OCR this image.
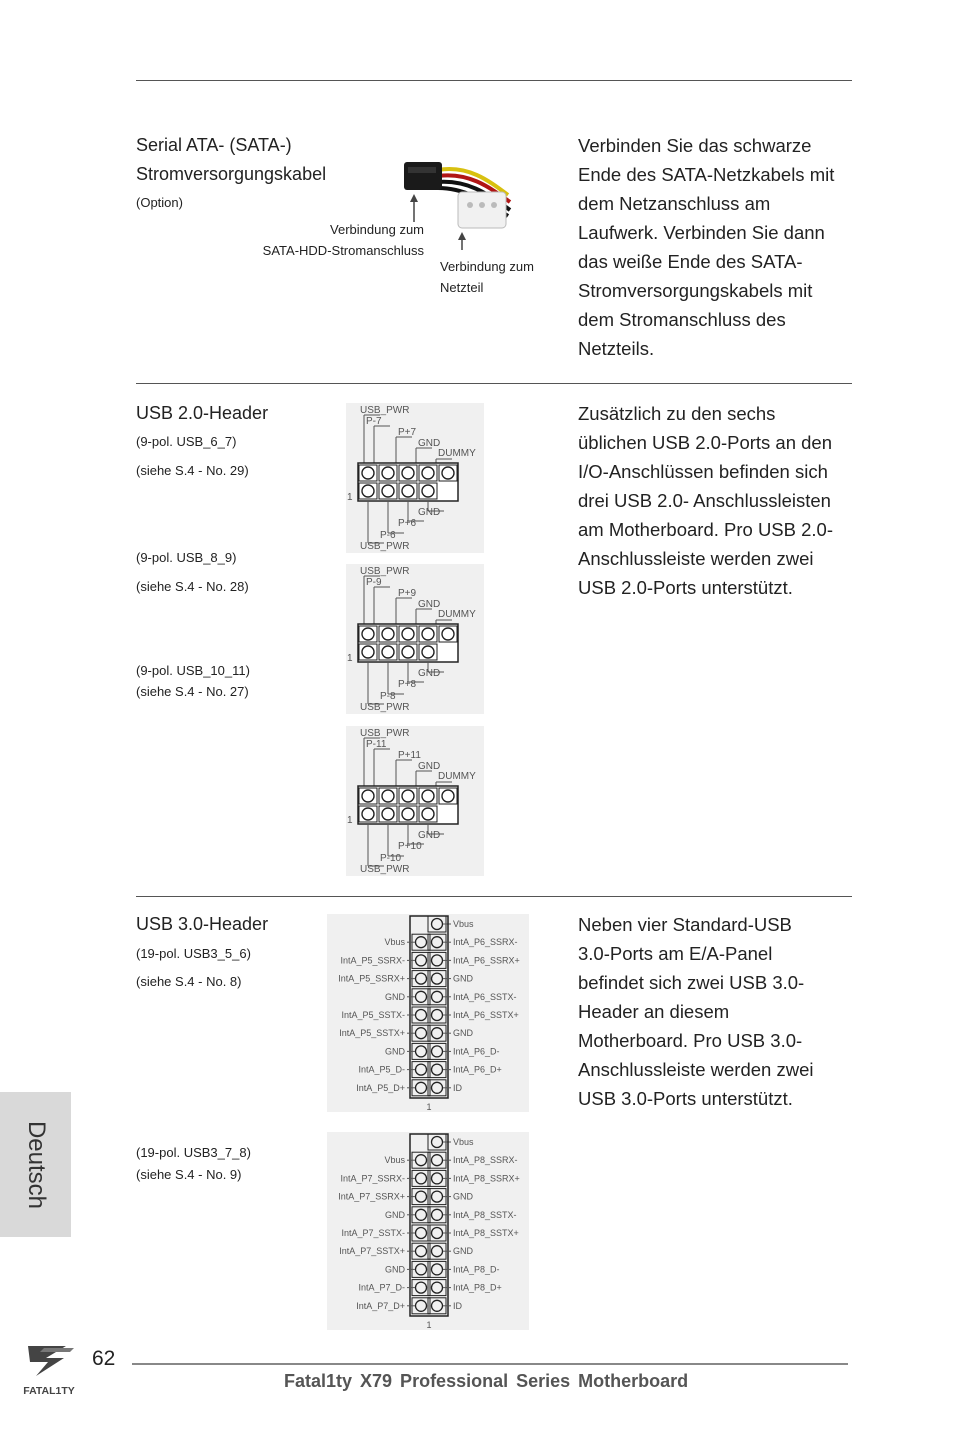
Serial ATA- (SATA-)
Stromversorgungskabel
(Option)
Verbindung zum
SATA-HDD-Stromanschluss
Verbindung zum
Netzteil
Verbinden Sie das schwarze
Ende des SATA-Netzkabels mit
dem Netzanschluss am
Laufwerk. Verbinden Sie dann
das weiße Ende des SATA-
Stromversorgungskabels mit
dem Stromanschluss des
Netzteils.
USB 2.0-Header
(9-pol. USB_6_7)
(siehe S.4 - No. 29)
(9-pol. USB_8_9)
(siehe S.4 - No. 28)
(9-pol. USB_10_11)
(siehe S.4 - No. 27)
Zusätzlich zu den sechs
üblichen USB 2.0-Ports an den
I/O-Anschlüssen befinden sich
drei USB 2.0- Anschlussleisten
am Motherboard. Pro USB 2.0-
Anschlussleiste werden zwei
USB 2.0-Ports unterstützt.
USB_PWR
P-7
P+7
GND
DUMMY
1
GND
P+6
P-6
USB_PWR
USB_PWR
P-9
P+9
GND
DUMMY
1
GND
P+8
P-8
USB_PWR
USB_PWR
P-11
P+11
GND
DUMMY
1
GND
P+10
P-10
USB_PWR
USB 3.0-Header
(19-pol. USB3_5_6)
(siehe S.4 - No. 8)
(19-pol. USB3_7_8)
(siehe S.4 - No. 9)
Neben vier Standard-USB
3.0-Ports am E/A-Panel
befindet sich zwei USB 3.0-
Header an diesem
Motherboard. Pro USB 3.0-
Anschlussleiste werden zwei
USB 3.0-Ports unterstützt.
Vbus
Vbus	IntA_P6_SSRX-
IntA_P5_SSRX-	IntA_P6_SSRX+
IntA_P5_SSRX+	GND
GND	IntA_P6_SSTX-
IntA_P5_SSTX-	IntA_P6_SSTX+
IntA_P5_SSTX+	GND
GND	IntA_P6_D-
IntA_P5_D-	IntA_P6_D+
IntA_P5_D+	ID
1
Vbus
Vbus	IntA_P8_SSRX-
IntA_P7_SSRX-	IntA_P8_SSRX+
IntA_P7_SSRX+	GND
GND	IntA_P8_SSTX-
IntA_P7_SSTX-	IntA_P8_SSTX+
IntA_P7_SSTX+	GND
GND	IntA_P8_D-
IntA_P7_D-	IntA_P8_D+
IntA_P7_D+	ID
1
Deutsch
FATAL1TY
62
Fatal1ty X79 Professional Series Motherboard
